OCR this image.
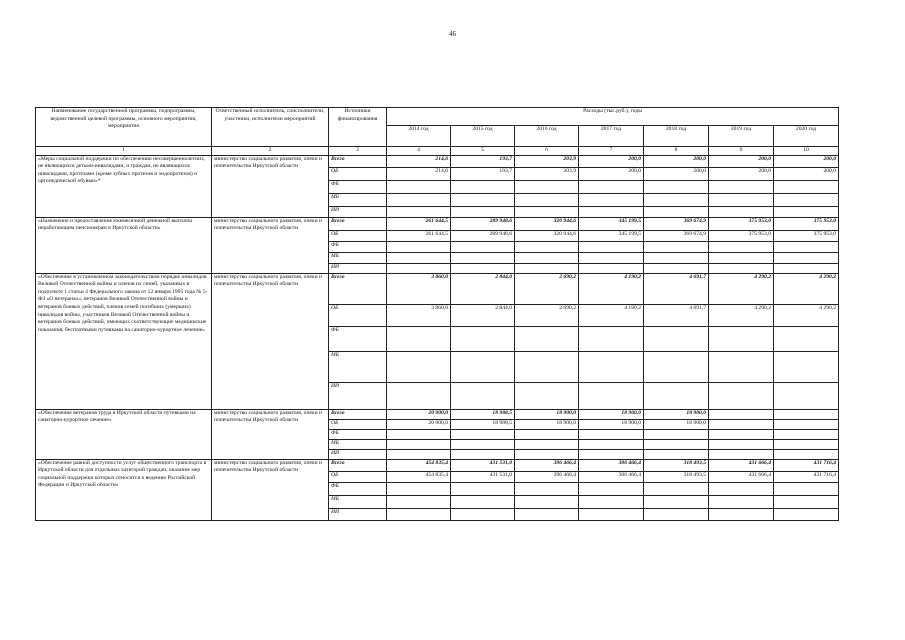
46
Наименование государственной программы, подпрограммы, ведомственной целевой программы, основного мероприятия, мероприятия	Ответственный исполнитель, соисполнители, участники, исполнители мероприятий	Источники финансирования	Расходы (тыс.руб.), годы						
			2014 год	2015 год	2016 год	2017 год	2018 год	2019 год	2020 год
1	2	3	4	5	6	7	8	9	10
«Меры социальной поддержки по обеспечению несовершеннолетних, не являющихся детьми-инвалидами, и граждан, не являющихся инвалидами, протезами (кроме зубных протезов и эндопротезов) и ортопедической обувью»*	министерство социального развития, опеки и попечительства Иркутской области	Всего	214,6	193,7	203,9	200,0	200,0	200,0	200,0
		ОБ	214,6	193,7	203,9	200,0	200,0	200,0	200,0
		ФБ							
		МБ							
		ИИ							
«Назначение и предоставление ежемесячной денежной выплаты неработающим пенсионерам в Иркутской области»	министерство социального развития, опеки и попечительства Иркутской области	Всего	261 644,5	289 948,6	320 944,6	345 199,5	369 674,9	375 953,0	375 953,0
		ОБ	261 644,5	289 948,6	320 944,6	345 199,5	369 674,9	375 953,0	375 953,0
		ФБ							
		МБ							
		ИИ							
«Обеспечение в установленном законодательством порядке инвалидов Великой Отечественной войны и членов их семей, указанных в подпункте 1 статьи 4 Федерального закона от 12 января 1995 года № 5-ФЗ «О ветеранах», ветеранов Великой Отечественной войны и ветеранов боевых действий, членов семей погибших (умерших) инвалидов войны, участников Великой Отечественной войны и ветеранов боевых действий, имеющих соответствующие медицинские показания, бесплатными путевками на санаторно-курортное лечение»	министерство социального развития, опеки и попечительства Иркутской области	Всего	3 860,0	2 844,0	2 690,2	4 190,2	4 691,7	4 290,2	4 290,2
		ОБ	3 860,0	2 844,0	2 690,2	4 190,2	4 691,7	4 290,2	4 290,2
		ФБ							
		МБ							
		ИИ							
«Обеспечение ветеранов труда в Иркутской области путевками на санаторно-курортное лечение»	министерство социального развития, опеки и попечительства Иркутской области	Всего	20 000,0	18 988,5	18 900,0	18 900,0	18 900,0		
		ОБ	20 000,0	18 988,5	18 900,0	18 900,0	18 900,0		
		ФБ							
		МБ							
		ИИ							
«Обеспечение равной доступности услуг общественного транспорта в Иркутской области для отдельных категорий граждан, оказание мер социальной поддержки которых относится к ведению Российской Федерации и Иркутской области»	министерство социального развития, опеки и попечительства Иркутской области	Всего	454 835,4	431 531,0	396 466,4	306 466,4	318 493,5	431 666,4	431 716,4
		ОБ	454 835,4	431 531,0	396 466,4	306 466,4	318 493,5	431 666,4	431 716,4
		ФБ							
		МБ							
		ИИ							
